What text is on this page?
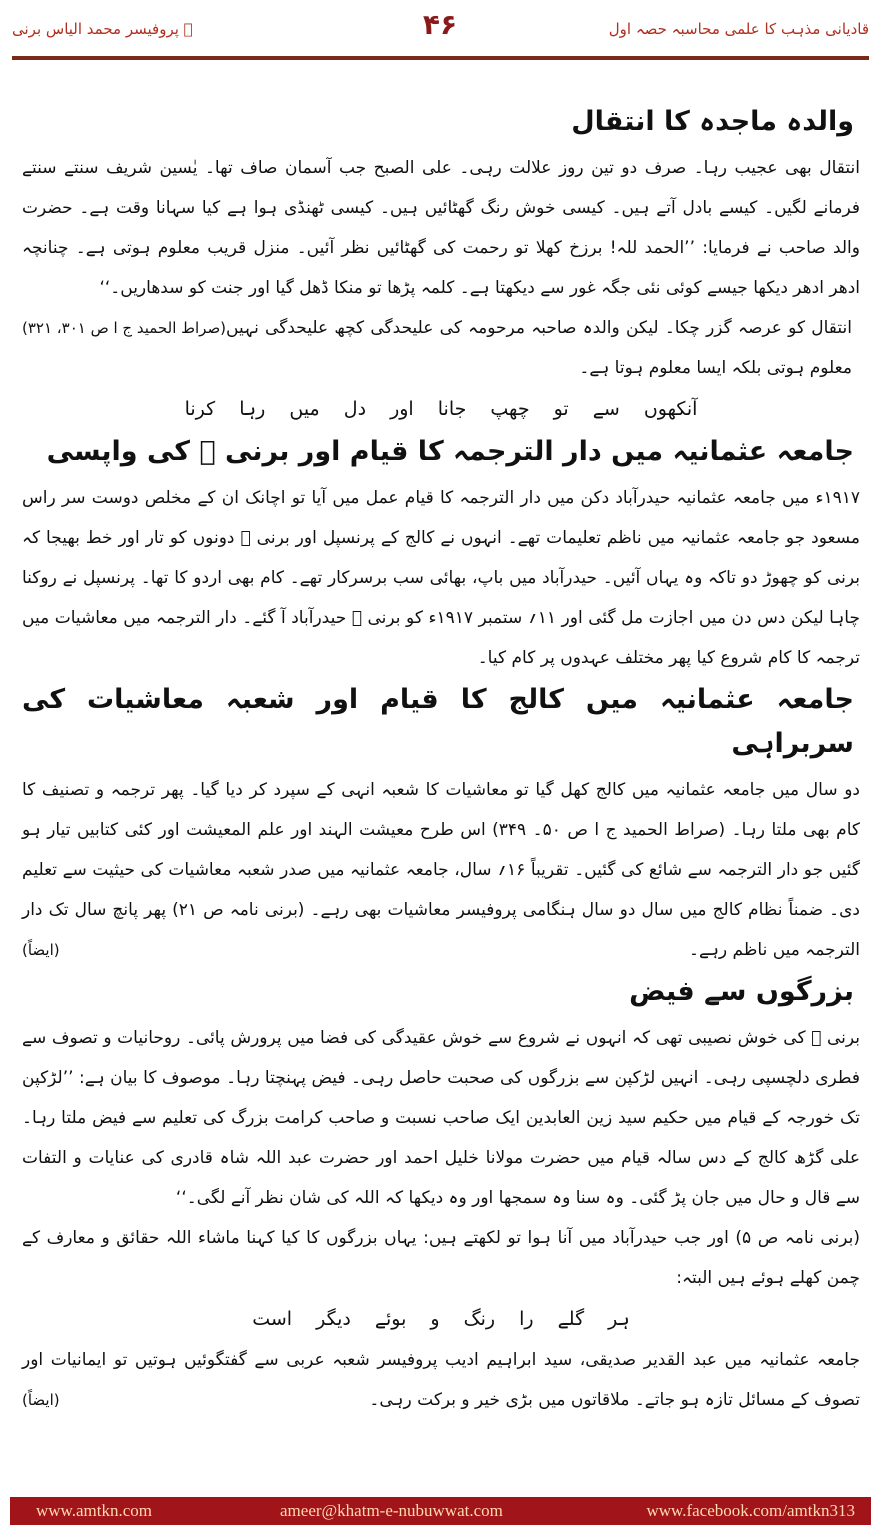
پروفیسر محمد الیاس برنی ﷫	۴۶	قادیانی مذہب کا علمی محاسبہ حصہ اول
والدہ ماجدہ کا انتقال

انتقال بھی عجیب رہا۔ صرف دو تین روز علالت رہی۔ علی الصبح جب آسمان صاف تھا۔ یٰسین شریف سنتے سنتے فرمانے لگیں۔ کیسے بادل آتے ہیں۔ کیسی خوش رنگ گھٹائیں ہیں۔ کیسی ٹھنڈی ہوا ہے کیا سہانا وقت ہے۔ حضرت والد صاحب نے فرمایا: ’’الحمد للہ! برزخ کھلا تو رحمت کی گھٹائیں نظر آئیں۔ منزل قریب معلوم ہوتی ہے۔ چنانچہ ادھر ادھر دیکھا جیسے کوئی نئی جگہ غور سے دیکھتا ہے۔ کلمہ پڑھا تو منکا ڈھل گیا اور جنت کو سدھاریں۔‘‘
(صراط الحمید ج ا ص ۳۰۱، ۳۲۱) انتقال کو عرصہ گزر چکا۔ لیکن والدہ صاحبہ مرحومہ کی علیحدگی کچھ علیحدگی نہیں معلوم ہوتی بلکہ ایسا معلوم ہوتا ہے۔

آنکھوں سے تو چھپ جانا اور دل میں رہا کرنا
جامعہ عثمانیہ میں دار الترجمہ کا قیام اور برنی ﷫ کی واپسی

۱۹۱۷ء میں جامعہ عثمانیہ حیدرآباد دکن میں دار الترجمہ کا قیام عمل میں آیا تو اچانک ان کے مخلص دوست سر راس مسعود جو جامعہ عثمانیہ میں ناظم تعلیمات تھے۔ انہوں نے کالج کے پرنسپل اور برنی ﷫ دونوں کو تار اور خط بھیجا کہ برنی کو چھوڑ دو تاکہ وہ یہاں آئیں۔ حیدرآباد میں باپ، بھائی سب برسرکار تھے۔ کام بھی اردو کا تھا۔ پرنسپل نے روکنا چاہا لیکن دس دن میں اجازت مل گئی اور ۱۱؍ ستمبر ۱۹۱۷ء کو برنی ﷫ حیدرآباد آ گئے۔ دار الترجمہ میں معاشیات میں ترجمہ کا کام شروع کیا پھر مختلف عہدوں پر کام کیا۔

جامعہ عثمانیہ میں کالج کا قیام اور شعبہ معاشیات کی سربراہی

دو سال میں جامعہ عثمانیہ میں کالج کھل گیا تو معاشیات کا شعبہ انہی کے سپرد کر دیا گیا۔ پھر ترجمہ و تصنیف کا کام بھی ملتا رہا۔ (صراط الحمید ج ا ص ۵۰۔ ۳۴۹) اس طرح معیشت الہند اور علم المعیشت اور کئی کتابیں تیار ہو گئیں جو دار الترجمہ سے شائع کی گئیں۔ تقریباً ۱۶؍ سال، جامعہ عثمانیہ میں صدر شعبہ معاشیات کی حیثیت سے تعلیم دی۔ ضمناً نظام کالج میں سال دو سال ہنگامی پروفیسر معاشیات بھی رہے۔ (برنی نامہ ص ۲۱) پھر پانچ سال تک دار الترجمہ میں ناظم رہے۔
(ایضاً)

بزرگوں سے فیض

برنی ﷫ کی خوش نصیبی تھی کہ انہوں نے شروع سے خوش عقیدگی کی فضا میں پرورش پائی۔ روحانیات و تصوف سے فطری دلچسپی رہی۔ انہیں لڑکپن سے بزرگوں کی صحبت حاصل رہی۔ فیض پہنچتا رہا۔ موصوف کا بیان ہے: ’’لڑکپن تک خورجہ کے قیام میں حکیم سید زین العابدین ایک صاحب نسبت و صاحب کرامت بزرگ کی تعلیم سے فیض ملتا رہا۔ علی گڑھ کالج کے دس سالہ قیام میں حضرت مولانا خلیل احمد اور حضرت عبد اللہ شاہ قادری کی عنایات و التفات سے قال و حال میں جان پڑ گئی۔ وہ سنا وہ سمجھا اور وہ دیکھا کہ اللہ کی شان نظر آنے لگی۔‘‘

(برنی نامہ ص ۵) اور جب حیدرآباد میں آنا ہوا تو لکھتے ہیں: یہاں بزرگوں کا کیا کہنا ماشاء اللہ حقائق و معارف کے چمن کھلے ہوئے ہیں البتہ:

ہر گلے را رنگ و بوئے دیگر است

جامعہ عثمانیہ میں عبد القدیر صدیقی، سید ابراہیم ادیب پروفیسر شعبہ عربی سے گفتگوئیں ہوتیں تو ایمانیات اور تصوف کے مسائل تازہ ہو جاتے۔ ملاقاتوں میں بڑی خیر و برکت رہی۔
(ایضاً)

www.amtkn.com	ameer@khatm-e-nubuwwat.com	www.facebook.com/amtkn313
